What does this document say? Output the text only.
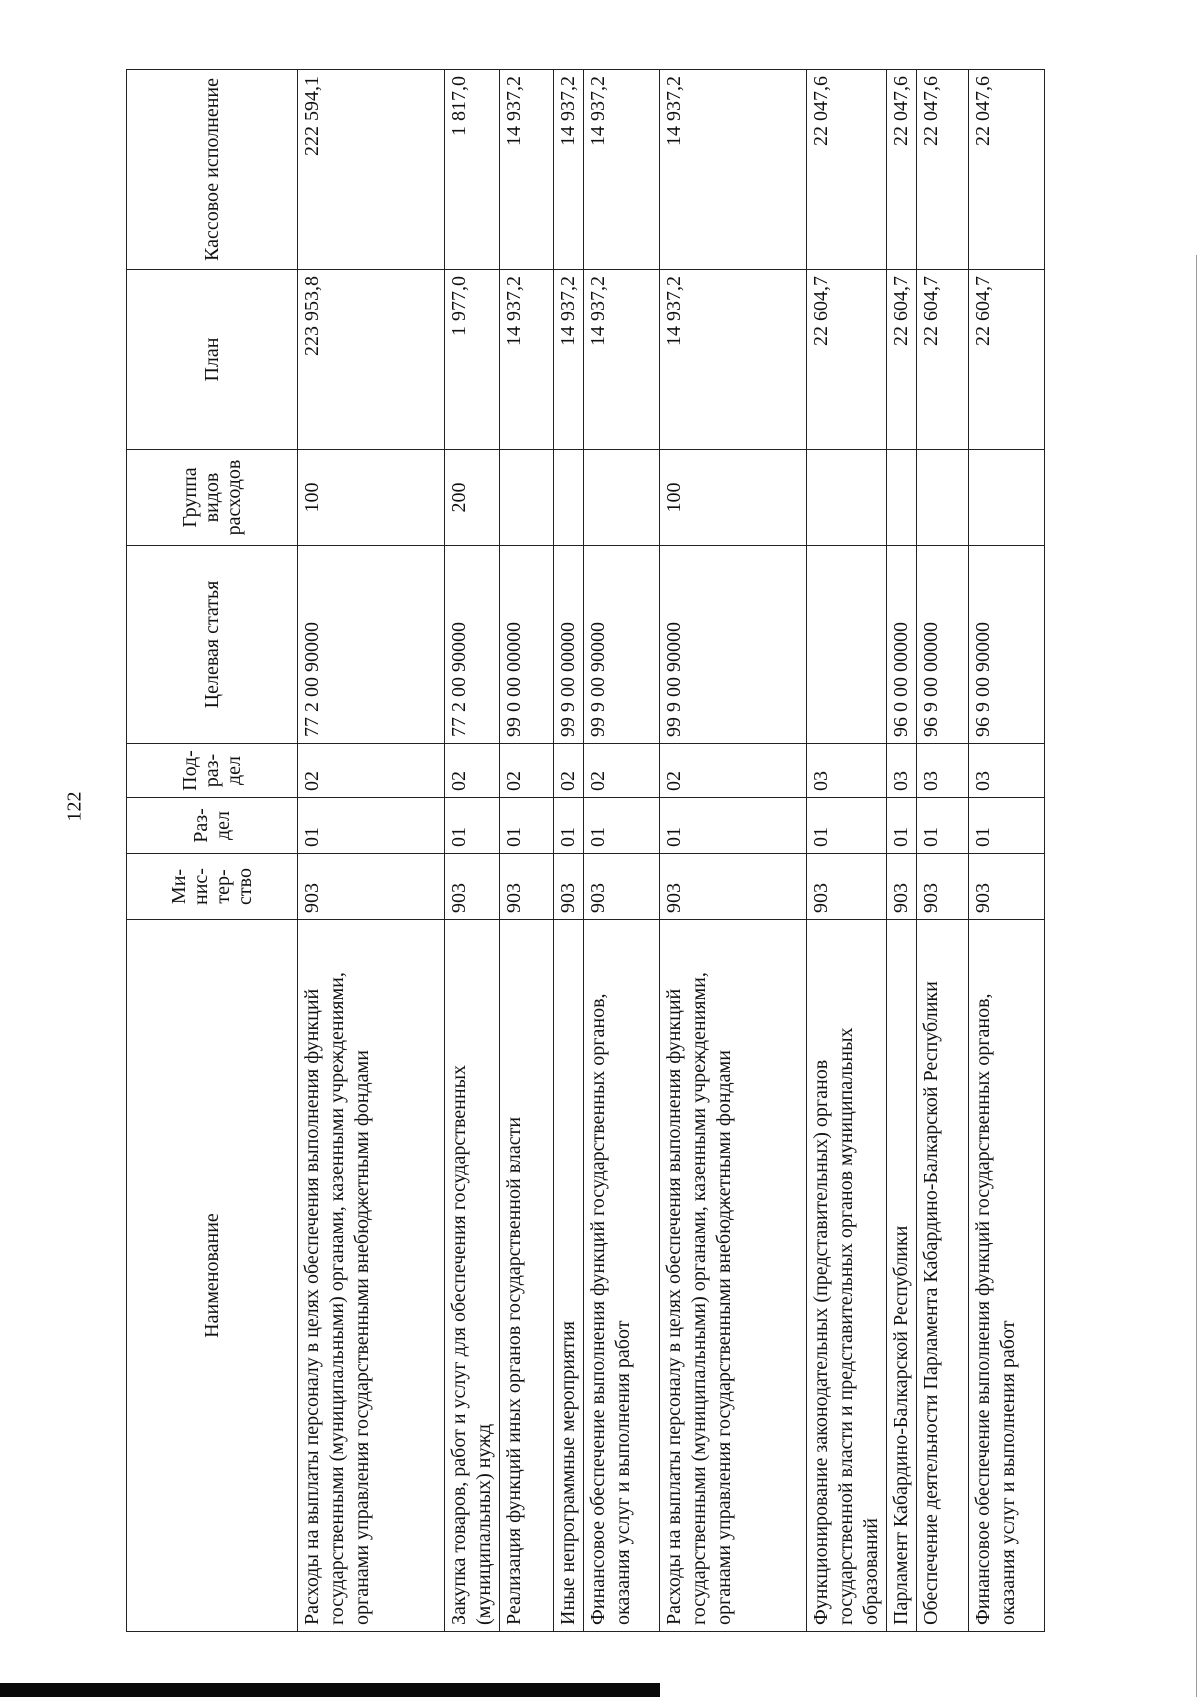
122
Наименование	Ми-нис-тер-ство	Раз-дел	Под-раз-дел	Целевая статья	Группа видов расходов	План	Кассовое исполнение
Расходы на выплаты персоналу в целях обеспечения выполнения функций государственными (муниципальными) органами, казенными учреждениями, органами управления государственными внебюджетными фондами	903	01	02	77 2 00 90000	100	223 953,8	222 594,1
Закупка товаров, работ и услуг для обеспечения государственных (муниципальных) нужд	903	01	02	77 2 00 90000	200	1 977,0	1 817,0
Реализация функций иных органов государственной власти	903	01	02	99 0 00 00000		14 937,2	14 937,2
Иные непрограммные мероприятия	903	01	02	99 9 00 00000		14 937,2	14 937,2
Финансовое обеспечение выполнения функций государственных органов, оказания услуг и выполнения работ	903	01	02	99 9 00 90000		14 937,2	14 937,2
Расходы на выплаты персоналу в целях обеспечения выполнения функций государственными (муниципальными) органами, казенными учреждениями, органами управления государственными внебюджетными фондами	903	01	02	99 9 00 90000	100	14 937,2	14 937,2
Функционирование законодательных (представительных) органов государственной власти и представительных органов муниципальных образований	903	01	03			22 604,7	22 047,6
Парламент Кабардино-Балкарской Республики	903	01	03	96 0 00 00000		22 604,7	22 047,6
Обеспечение деятельности Парламента Кабардино-Балкарской Республики	903	01	03	96 9 00 00000		22 604,7	22 047,6
Финансовое обеспечение выполнения функций государственных органов, оказания услуг и выполнения работ	903	01	03	96 9 00 90000		22 604,7	22 047,6
